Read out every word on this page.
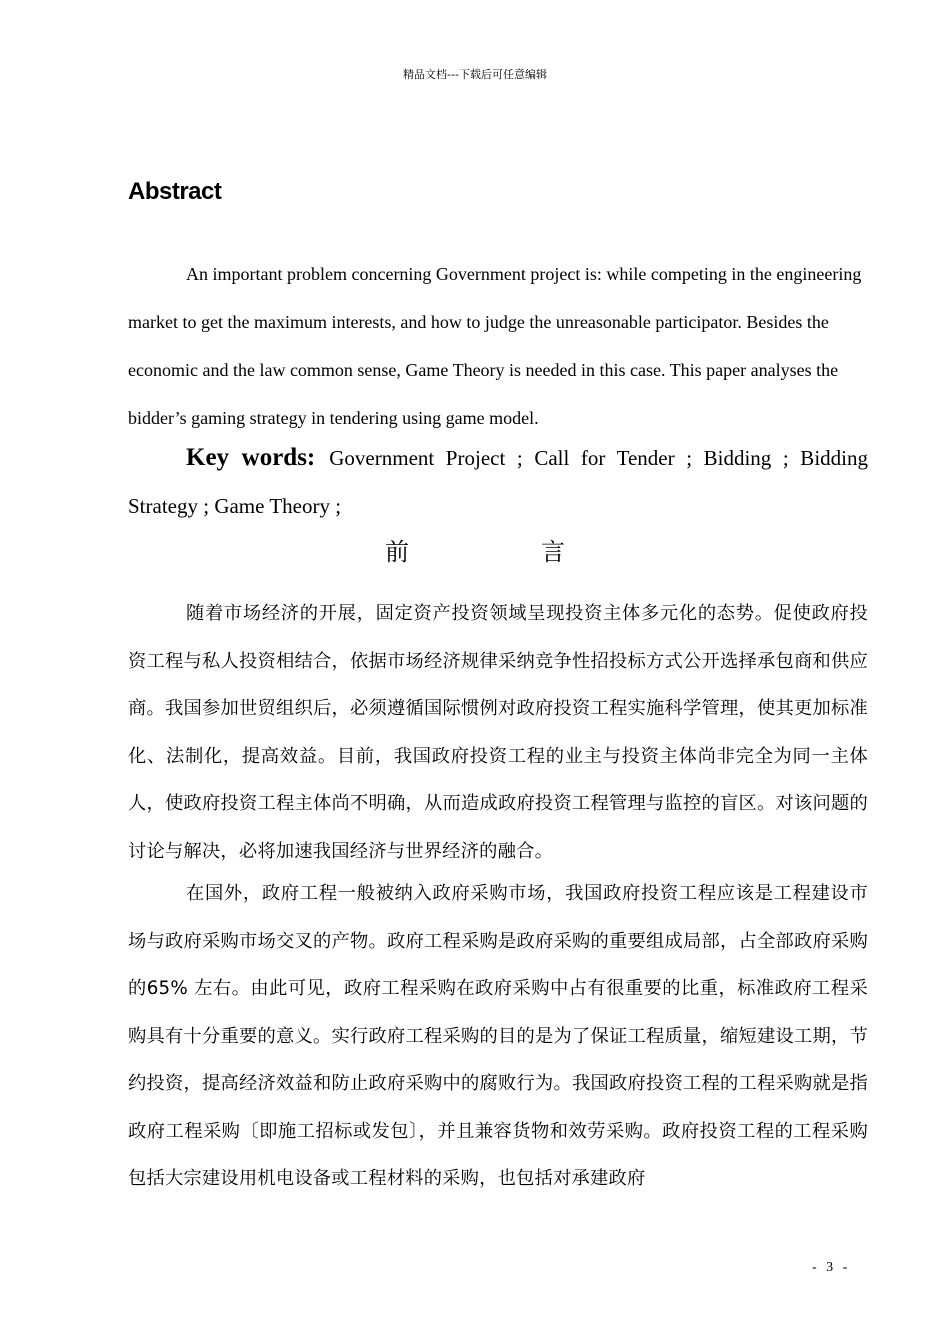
精品文档---下载后可任意编辑
Abstract

An important problem concerning Government project is: while competing in the engineering market to get the maximum interests, and how to judge the unreasonable participator. Besides the economic and the law common sense, Game Theory is needed in this case. This paper analyses the bidder’s gaming strategy in tendering using game model.

Key words: Government Project ; Call for Tender ; Bidding ; Bidding Strategy ; Game Theory ;

前	言

随着市场经济的开展，固定资产投资领域呈现投资主体多元化的态势。促使政府投资工程与私人投资相结合，依据市场经济规律采纳竞争性招投标方式公开选择承包商和供应商。我国参加世贸组织后，必须遵循国际惯例对政府投资工程实施科学管理，使其更加标准化、法制化，提高效益。目前，我国政府投资工程的业主与投资主体尚非完全为同一主体人，使政府投资工程主体尚不明确，从而造成政府投资工程管理与监控的盲区。对该问题的讨论与解决，必将加速我国经济与世界经济的融合。

在国外，政府工程一般被纳入政府采购市场，我国政府投资工程应该是工程建设市场与政府采购市场交叉的产物。政府工程采购是政府采购的重要组成局部，占全部政府采购的65% 左右。由此可见，政府工程采购在政府采购中占有很重要的比重，标准政府工程采购具有十分重要的意义。实行政府工程采购的目的是为了保证工程质量，缩短建设工期，节约投资，提高经济效益和防止政府采购中的腐败行为。我国政府投资工程的工程采购就是指政府工程采购〔即施工招标或发包〕，并且兼容货物和效劳采购。政府投资工程的工程采购包括大宗建设用机电设备或工程材料的采购，也包括对承建政府

- 3 -
